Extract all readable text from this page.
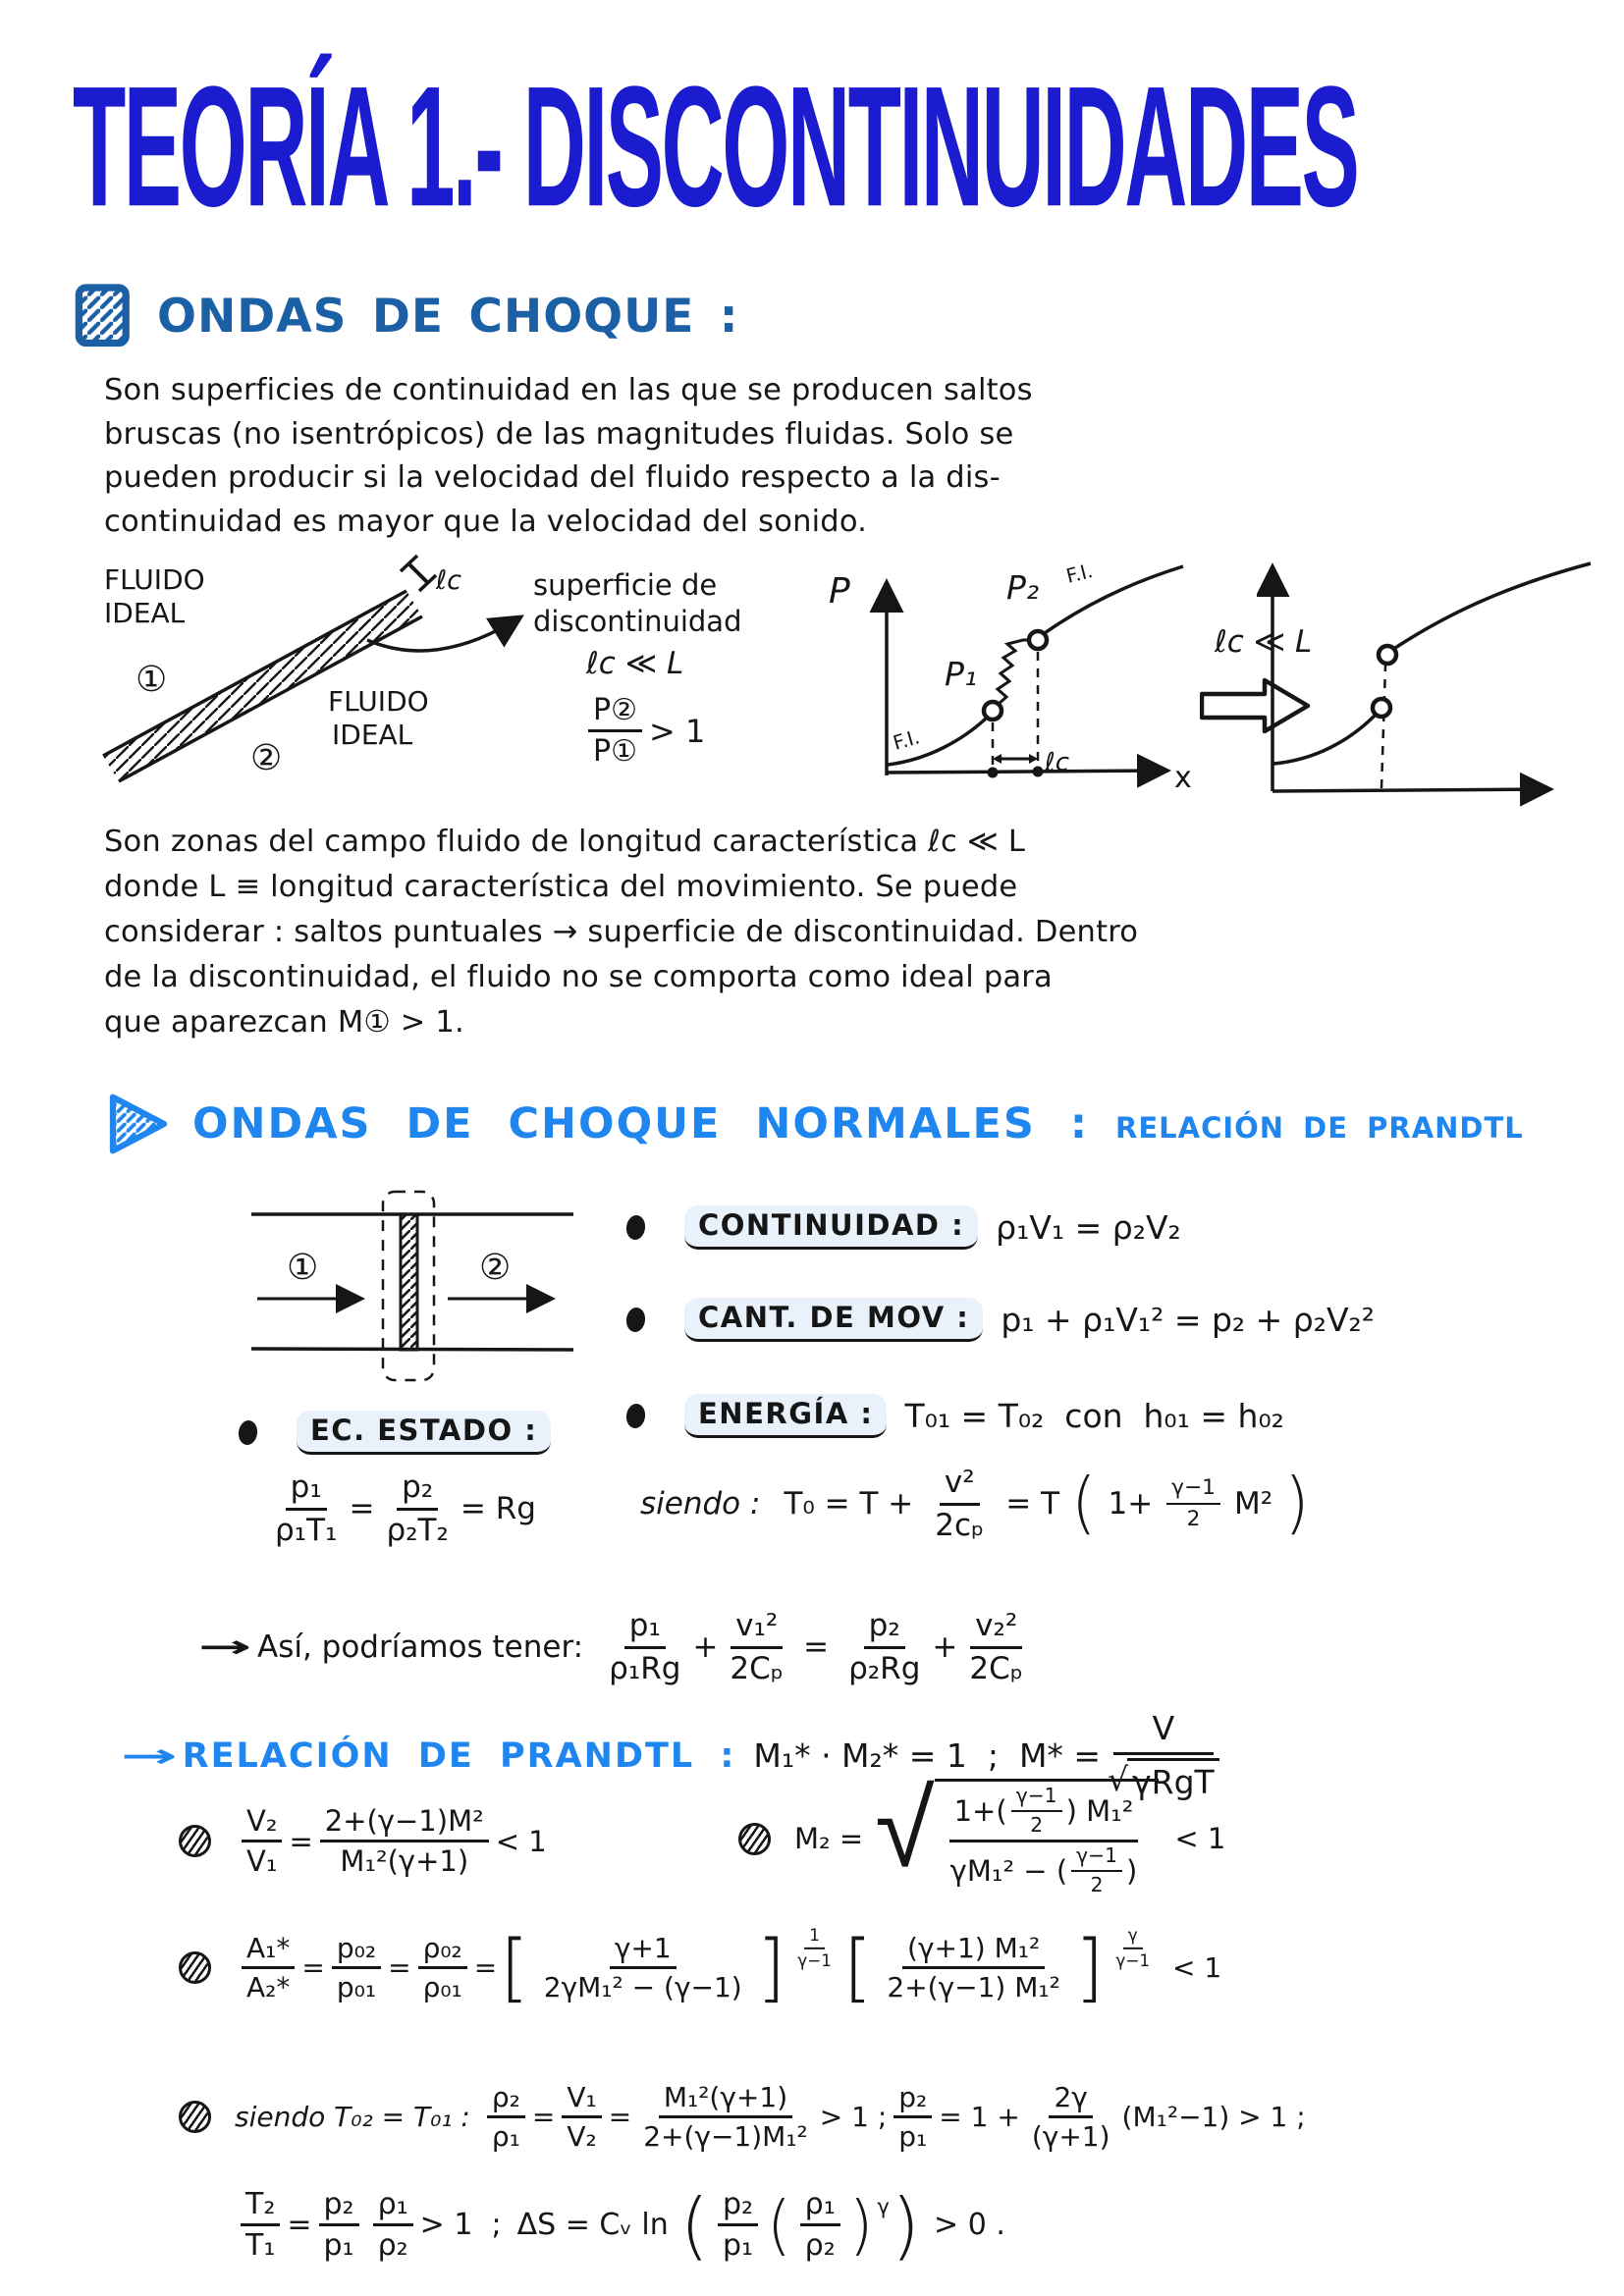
TEORÍA 1.- DISCONTINUIDADES
ONDAS DE CHOQUE :
Son superficies de continuidad en las que se producen saltos
bruscas (no isentrópicos) de las magnitudes fluidas. Solo se
pueden producir si la velocidad del fluido respecto a la dis-
continuidad es mayor que la velocidad del sonido.
ℓc
FLUIDO
IDEAL
①
FLUIDO
IDEAL
②
superficie de
discontinuidad
ℓc ≪ L
$\frac{\text{P②}}{\text{P①}} > 1$
P
x
F.I.
F.I.
P₁
P₂
ℓc
ℓc ≪ L
Son zonas del campo fluido de longitud característica ℓc ≪ L
donde L ≡ longitud característica del movimiento. Se puede
considerar : saltos puntuales → superficie de discontinuidad. Dentro
de la discontinuidad, el fluido no se comporta como ideal para
que aparezcan M① > 1.
ONDAS DE CHOQUE NORMALES : RELACIÓN DE PRANDTL
①	②
CONTINUIDAD : ρ₁V₁ = ρ₂V₂
CANT. DE MOV : p₁ + ρ₁V₁² = p₂ + ρ₂V₂²
ENERGÍA : T₀₁ = T₀₂  con  h₀₁ = h₀₂
EC. ESTADO :
$\frac{\text{p₁}}{\text{ρ₁T₁}} = \frac{\text{p₂}}{\text{ρ₂T₂}} = Rg$	siendo : $T_0 = T + \frac{\text{v²}}{\text{2cₚ}} = T$ ( $1+ \frac{\gamma-1}{2} M^2$ )
→ Así, podríamos tener: $\frac{\text{p₁}}{\text{ρ₁Rg}} + \frac{\text{v₁²}}{\text{2Cₚ}} = \frac{\text{p₂}}{\text{ρ₂Rg}} + \frac{\text{v₂²}}{\text{2Cₚ}}$
→ RELACIÓN DE PRANDTL : M₁* · M₂* = 1  ;  $M* = \frac{V}{\text{√ γRgT}}$
$\frac{\text{V₂}}{\text{V₁}} = \frac{\text{2+(γ−1)M²}}{\text{M₁²(γ+1)}} < 1$	M₂ = √ $1+( \frac{\gamma-1}{2}$ ) M₁²
γM₁² − ( $\frac{\gamma-1}{2}$ )
< 1
$\frac{\text{A₁*}}{\text{A₂*}} = \frac{\text{p₀₂}}{\text{p₀₁}} = \frac{\text{ρ₀₂}}{\text{ρ₀₁}}$ = [ $\frac{\gamma+1}{\text{2γM₁² − (γ−1)}}$ ] $\frac{1}{\gamma-1}$ [ $\frac{\text{(γ+1) M₁²}}{\text{2+(γ−1) M₁²}}$ ] $\frac{\gamma}{\gamma-1} < 1$
siendo T₀₂ = T₀₁ : $\frac{\text{ρ₂}}{\text{ρ₁}} = \frac{\text{V₁}}{\text{V₂}} = \frac{\text{M₁²(γ+1)}}{\text{2+(γ−1)M₁²}} > 1$ ; $\frac{\text{p₂}}{\text{p₁}} = 1 + \frac{2\gamma}{(\gamma+1)} (M_1^2-1) > 1$ ;
$\frac{\text{T₂}}{\text{T₁}} = \frac{\text{p₂}}{\text{p₁}} \frac{\text{ρ₁}}{\text{ρ₂}} > 1$  ; ΔS = Cᵥ ln ( $\frac{\text{p₂}}{\text{p₁}}$ ( $\frac{\text{ρ₁}}{\text{ρ₂}}$ ) γ ) > 0 .
